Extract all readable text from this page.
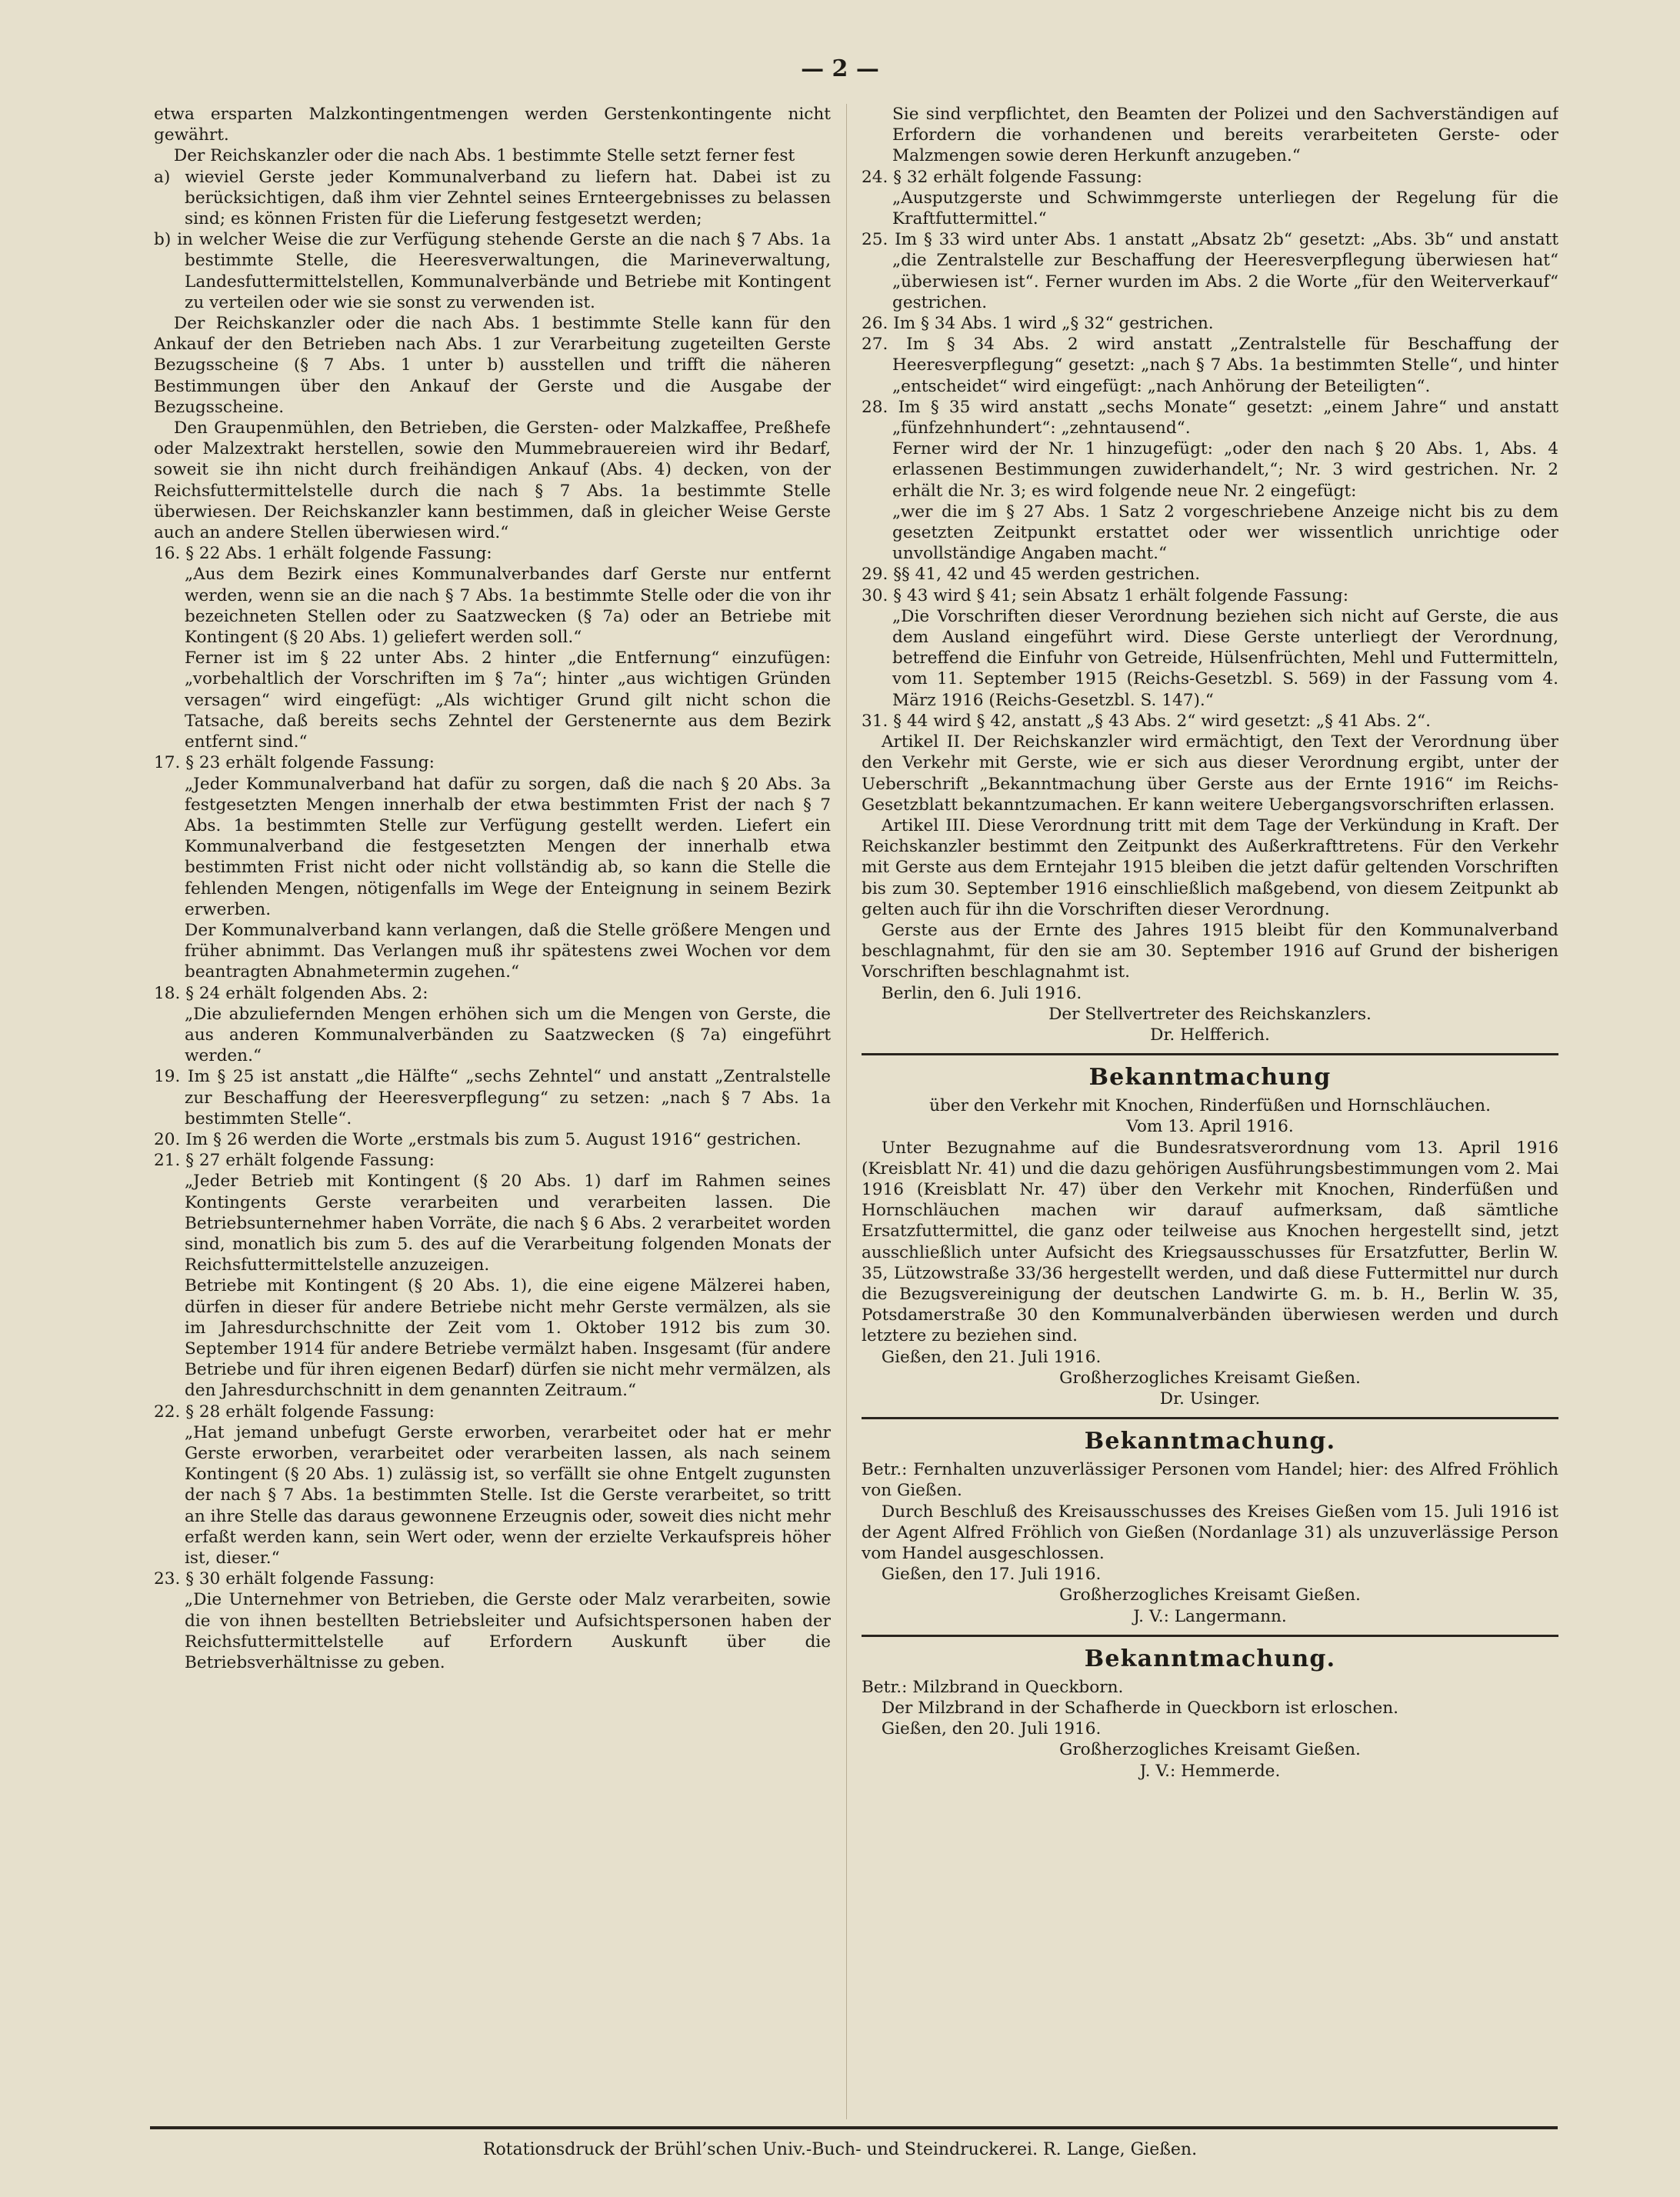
— 2 —

etwa ersparten Malzkontingentmengen werden Gerstenkontingente nicht gewährt.

Der Reichskanzler oder die nach Abs. 1 bestimmte Stelle setzt ferner fest

a) wieviel Gerste jeder Kommunalverband zu liefern hat. Dabei ist zu berücksichtigen, daß ihm vier Zehntel seines Ernteergebnisses zu belassen sind; es können Fristen für die Lieferung festgesetzt werden;

b) in welcher Weise die zur Verfügung stehende Gerste an die nach § 7 Abs. 1a bestimmte Stelle, die Heeresverwaltungen, die Marineverwaltung, Landesfuttermittelstellen, Kommunalverbände und Betriebe mit Kontingent zu verteilen oder wie sie sonst zu verwenden ist.

Der Reichskanzler oder die nach Abs. 1 bestimmte Stelle kann für den Ankauf der den Betrieben nach Abs. 1 zur Verarbeitung zugeteilten Gerste Bezugsscheine (§ 7 Abs. 1 unter b) ausstellen und trifft die näheren Bestimmungen über den Ankauf der Gerste und die Ausgabe der Bezugsscheine.

Den Graupenmühlen, den Betrieben, die Gersten- oder Malzkaffee, Preßhefe oder Malzextrakt herstellen, sowie den Mummebrauereien wird ihr Bedarf, soweit sie ihn nicht durch freihändigen Ankauf (Abs. 4) decken, von der Reichsfuttermittelstelle durch die nach § 7 Abs. 1a bestimmte Stelle überwiesen. Der Reichskanzler kann bestimmen, daß in gleicher Weise Gerste auch an andere Stellen überwiesen wird.“

16. § 22 Abs. 1 erhält folgende Fassung:

„Aus dem Bezirk eines Kommunalverbandes darf Gerste nur entfernt werden, wenn sie an die nach § 7 Abs. 1a bestimmte Stelle oder die von ihr bezeichneten Stellen oder zu Saatzwecken (§ 7a) oder an Betriebe mit Kontingent (§ 20 Abs. 1) geliefert werden soll.“

Ferner ist im § 22 unter Abs. 2 hinter „die Entfernung“ einzufügen: „vorbehaltlich der Vorschriften im § 7a“; hinter „aus wichtigen Gründen versagen“ wird eingefügt: „Als wichtiger Grund gilt nicht schon die Tatsache, daß bereits sechs Zehntel der Gerstenernte aus dem Bezirk entfernt sind.“

17. § 23 erhält folgende Fassung:

„Jeder Kommunalverband hat dafür zu sorgen, daß die nach § 20 Abs. 3a festgesetzten Mengen innerhalb der etwa bestimmten Frist der nach § 7 Abs. 1a bestimmten Stelle zur Verfügung gestellt werden. Liefert ein Kommunalverband die festgesetzten Mengen der innerhalb etwa bestimmten Frist nicht oder nicht vollständig ab, so kann die Stelle die fehlenden Mengen, nötigenfalls im Wege der Enteignung in seinem Bezirk erwerben.

Der Kommunalverband kann verlangen, daß die Stelle größere Mengen und früher abnimmt. Das Verlangen muß ihr spätestens zwei Wochen vor dem beantragten Abnahmetermin zugehen.“

18. § 24 erhält folgenden Abs. 2:

„Die abzuliefernden Mengen erhöhen sich um die Mengen von Gerste, die aus anderen Kommunalverbänden zu Saatzwecken (§ 7a) eingeführt werden.“

19. Im § 25 ist anstatt „die Hälfte“ „sechs Zehntel“ und anstatt „Zentralstelle zur Beschaffung der Heeresverpflegung“ zu setzen: „nach § 7 Abs. 1a bestimmten Stelle“.

20. Im § 26 werden die Worte „erstmals bis zum 5. August 1916“ gestrichen.

21. § 27 erhält folgende Fassung:

„Jeder Betrieb mit Kontingent (§ 20 Abs. 1) darf im Rahmen seines Kontingents Gerste verarbeiten und verarbeiten lassen. Die Betriebsunternehmer haben Vorräte, die nach § 6 Abs. 2 verarbeitet worden sind, monatlich bis zum 5. des auf die Verarbeitung folgenden Monats der Reichsfuttermittelstelle anzuzeigen.

Betriebe mit Kontingent (§ 20 Abs. 1), die eine eigene Mälzerei haben, dürfen in dieser für andere Betriebe nicht mehr Gerste vermälzen, als sie im Jahresdurchschnitte der Zeit vom 1. Oktober 1912 bis zum 30. September 1914 für andere Betriebe vermälzt haben. Insgesamt (für andere Betriebe und für ihren eigenen Bedarf) dürfen sie nicht mehr vermälzen, als den Jahresdurchschnitt in dem genannten Zeitraum.“

22. § 28 erhält folgende Fassung:

„Hat jemand unbefugt Gerste erworben, verarbeitet oder hat er mehr Gerste erworben, verarbeitet oder verarbeiten lassen, als nach seinem Kontingent (§ 20 Abs. 1) zulässig ist, so verfällt sie ohne Entgelt zugunsten der nach § 7 Abs. 1a bestimmten Stelle. Ist die Gerste verarbeitet, so tritt an ihre Stelle das daraus gewonnene Erzeugnis oder, soweit dies nicht mehr erfaßt werden kann, sein Wert oder, wenn der erzielte Verkaufspreis höher ist, dieser.“

23. § 30 erhält folgende Fassung:

„Die Unternehmer von Betrieben, die Gerste oder Malz verarbeiten, sowie die von ihnen bestellten Betriebsleiter und Aufsichtspersonen haben der Reichsfuttermittelstelle auf Erfordern Auskunft über die Betriebsverhältnisse zu geben.

Sie sind verpflichtet, den Beamten der Polizei und den Sachverständigen auf Erfordern die vorhandenen und bereits verarbeiteten Gerste- oder Malzmengen sowie deren Herkunft anzugeben.“

24. § 32 erhält folgende Fassung:

„Ausputzgerste und Schwimmgerste unterliegen der Regelung für die Kraftfuttermittel.“

25. Im § 33 wird unter Abs. 1 anstatt „Absatz 2b“ gesetzt: „Abs. 3b“ und anstatt „die Zentralstelle zur Beschaffung der Heeresverpflegung überwiesen hat“ „überwiesen ist“. Ferner wurden im Abs. 2 die Worte „für den Weiterverkauf“ gestrichen.

26. Im § 34 Abs. 1 wird „§ 32“ gestrichen.

27. Im § 34 Abs. 2 wird anstatt „Zentralstelle für Beschaffung der Heeresverpflegung“ gesetzt: „nach § 7 Abs. 1a bestimmten Stelle“, und hinter „entscheidet“ wird eingefügt: „nach Anhörung der Beteiligten“.

28. Im § 35 wird anstatt „sechs Monate“ gesetzt: „einem Jahre“ und anstatt „fünfzehnhundert“: „zehntausend“.

Ferner wird der Nr. 1 hinzugefügt: „oder den nach § 20 Abs. 1, Abs. 4 erlassenen Bestimmungen zuwiderhandelt,“; Nr. 3 wird gestrichen. Nr. 2 erhält die Nr. 3; es wird folgende neue Nr. 2 eingefügt:

„wer die im § 27 Abs. 1 Satz 2 vorgeschriebene Anzeige nicht bis zu dem gesetzten Zeitpunkt erstattet oder wer wissentlich unrichtige oder unvollständige Angaben macht.“

29. §§ 41, 42 und 45 werden gestrichen.

30. § 43 wird § 41; sein Absatz 1 erhält folgende Fassung:

„Die Vorschriften dieser Verordnung beziehen sich nicht auf Gerste, die aus dem Ausland eingeführt wird. Diese Gerste unterliegt der Verordnung, betreffend die Einfuhr von Getreide, Hülsenfrüchten, Mehl und Futtermitteln, vom 11. September 1915 (Reichs-Gesetzbl. S. 569) in der Fassung vom 4. März 1916 (Reichs-Gesetzbl. S. 147).“

31. § 44 wird § 42, anstatt „§ 43 Abs. 2“ wird gesetzt: „§ 41 Abs. 2“.

Artikel II. Der Reichskanzler wird ermächtigt, den Text der Verordnung über den Verkehr mit Gerste, wie er sich aus dieser Verordnung ergibt, unter der Ueberschrift „Bekanntmachung über Gerste aus der Ernte 1916“ im Reichs-Gesetzblatt bekanntzumachen. Er kann weitere Uebergangsvorschriften erlassen.

Artikel III. Diese Verordnung tritt mit dem Tage der Verkündung in Kraft. Der Reichskanzler bestimmt den Zeitpunkt des Außerkrafttretens. Für den Verkehr mit Gerste aus dem Erntejahr 1915 bleiben die jetzt dafür geltenden Vorschriften bis zum 30. September 1916 einschließlich maßgebend, von diesem Zeitpunkt ab gelten auch für ihn die Vorschriften dieser Verordnung.

Gerste aus der Ernte des Jahres 1915 bleibt für den Kommunalverband beschlagnahmt, für den sie am 30. September 1916 auf Grund der bisherigen Vorschriften beschlagnahmt ist.

Berlin, den 6. Juli 1916.

Der Stellvertreter des Reichskanzlers.

Dr. Helfferich.

Bekanntmachung

über den Verkehr mit Knochen, Rinderfüßen und Hornschläuchen.

Vom 13. April 1916.

Unter Bezugnahme auf die Bundesratsverordnung vom 13. April 1916 (Kreisblatt Nr. 41) und die dazu gehörigen Ausführungsbestimmungen vom 2. Mai 1916 (Kreisblatt Nr. 47) über den Verkehr mit Knochen, Rinderfüßen und Hornschläuchen machen wir darauf aufmerksam, daß sämtliche Ersatzfuttermittel, die ganz oder teilweise aus Knochen hergestellt sind, jetzt ausschließlich unter Aufsicht des Kriegsausschusses für Ersatzfutter, Berlin W. 35, Lützowstraße 33/36 hergestellt werden, und daß diese Futtermittel nur durch die Bezugsvereinigung der deutschen Landwirte G. m. b. H., Berlin W. 35, Potsdamerstraße 30 den Kommunalverbänden überwiesen werden und durch letztere zu beziehen sind.

Gießen, den 21. Juli 1916.

Großherzogliches Kreisamt Gießen.

Dr. Usinger.

Bekanntmachung.

Betr.: Fernhalten unzuverlässiger Personen vom Handel; hier: des Alfred Fröhlich von Gießen.

Durch Beschluß des Kreisausschusses des Kreises Gießen vom 15. Juli 1916 ist der Agent Alfred Fröhlich von Gießen (Nordanlage 31) als unzuverlässige Person vom Handel ausgeschlossen.

Gießen, den 17. Juli 1916.

Großherzogliches Kreisamt Gießen.

J. V.: Langermann.

Bekanntmachung.

Betr.: Milzbrand in Queckborn.

Der Milzbrand in der Schafherde in Queckborn ist erloschen.

Gießen, den 20. Juli 1916.

Großherzogliches Kreisamt Gießen.

J. V.: Hemmerde.

Rotationsdruck der Brühl’schen Univ.-Buch- und Steindruckerei. R. Lange, Gießen.
